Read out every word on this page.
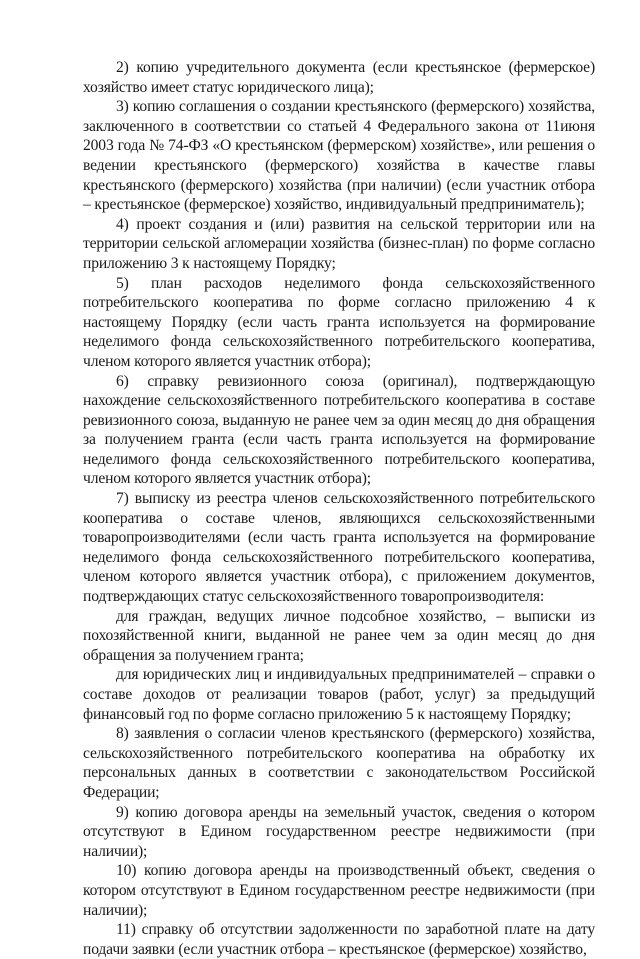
2) копию учредительного документа (если крестьянское (фермерское) хозяйство имеет статус юридического лица);

3) копию соглашения о создании крестьянского (фермерского) хозяйства, заключенного в соответствии со статьей 4 Федерального закона от 11июня 2003 года № 74-ФЗ «О крестьянском (фермерском) хозяйстве», или решения о ведении крестьянского (фермерского) хозяйства в качестве главы крестьянского (фермерского) хозяйства (при наличии) (если участник отбора – крестьянское (фермерское) хозяйство, индивидуальный предприниматель);

4) проект создания и (или) развития на сельской территории или на территории сельской агломерации хозяйства (бизнес-план) по форме согласно приложению 3 к настоящему Порядку;

5) план расходов неделимого фонда сельскохозяйственного потребительского кооператива по форме согласно приложению 4 к настоящему Порядку (если часть гранта используется на формирование неделимого фонда сельскохозяйственного потребительского кооператива, членом которого является участник отбора);

6) справку ревизионного союза (оригинал), подтверждающую нахождение сельскохозяйственного потребительского кооператива в составе ревизионного союза, выданную не ранее чем за один месяц до дня обращения за получением гранта (если часть гранта используется на формирование неделимого фонда сельскохозяйственного потребительского кооператива, членом которого является участник отбора);

7) выписку из реестра членов сельскохозяйственного потребительского кооператива о составе членов, являющихся сельскохозяйственными товаропроизводителями (если часть гранта используется на формирование неделимого фонда сельскохозяйственного потребительского кооператива, членом которого является участник отбора), с приложением документов, подтверждающих статус сельскохозяйственного товаропроизводителя:

для граждан, ведущих личное подсобное хозяйство, – выписки из похозяйственной книги, выданной не ранее чем за один месяц до дня обращения за получением гранта;

для юридических лиц и индивидуальных предпринимателей – справки о составе доходов от реализации товаров (работ, услуг) за предыдущий финансовый год по форме согласно приложению 5 к настоящему Порядку;

8) заявления о согласии членов крестьянского (фермерского) хозяйства, сельскохозяйственного потребительского кооператива на обработку их персональных данных в соответствии с законодательством Российской Федерации;

9) копию договора аренды на земельный участок, сведения о котором отсутствуют в Едином государственном реестре недвижимости (при наличии);

10) копию договора аренды на производственный объект, сведения о котором отсутствуют в Едином государственном реестре недвижимости (при наличии);

11) справку об отсутствии задолженности по заработной плате на дату подачи заявки (если участник отбора – крестьянское (фермерское) хозяйство,
